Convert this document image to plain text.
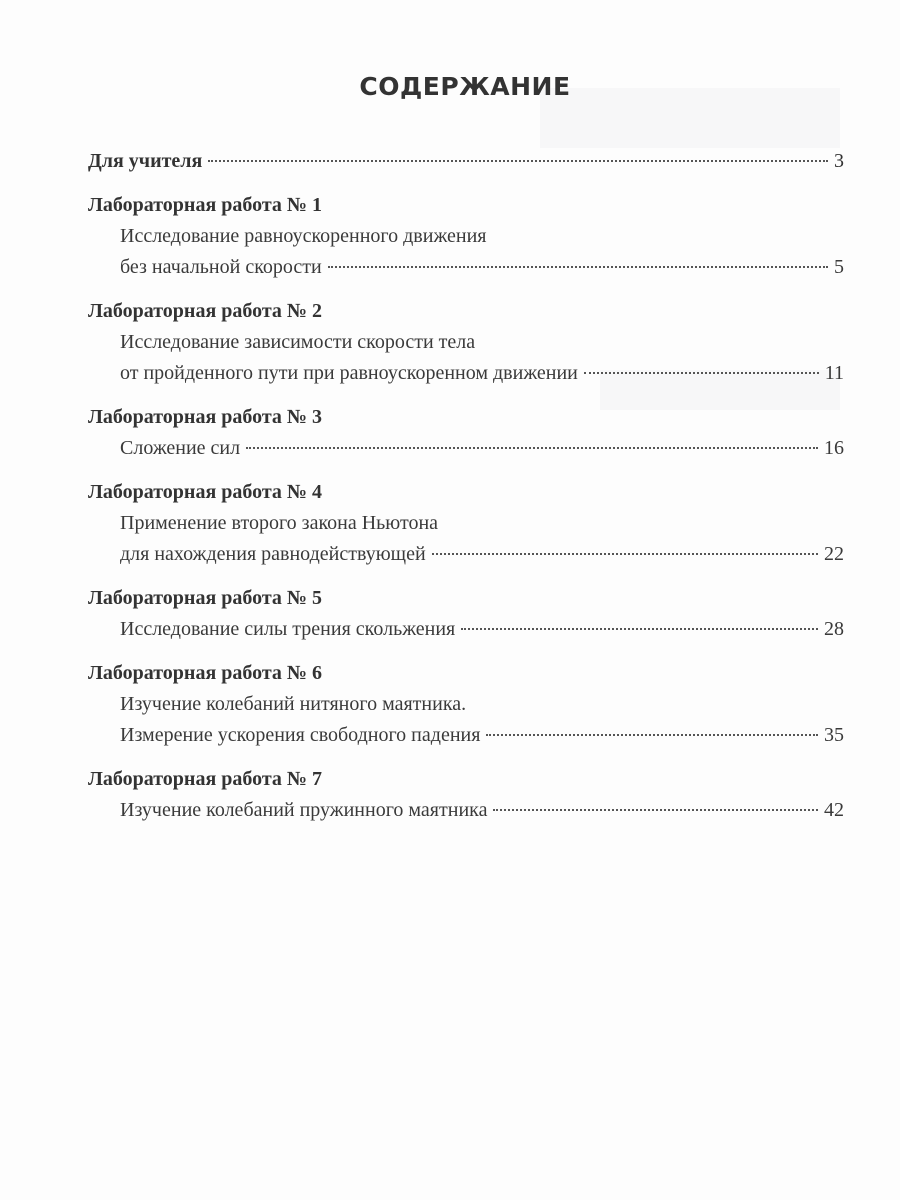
СОДЕРЖАНИЕ
Для учителя	3
Лабораторная работа № 1
Исследование равноускоренного движения
без начальной скорости	5
Лабораторная работа № 2
Исследование зависимости скорости тела
от пройденного пути при равноускоренном движении	11
Лабораторная работа № 3
Сложение сил	16
Лабораторная работа № 4
Применение второго закона Ньютона
для нахождения равнодействующей	22
Лабораторная работа № 5
Исследование силы трения скольжения	28
Лабораторная работа № 6
Изучение колебаний нитяного маятника.
Измерение ускорения свободного падения	35
Лабораторная работа № 7
Изучение колебаний пружинного маятника	42
